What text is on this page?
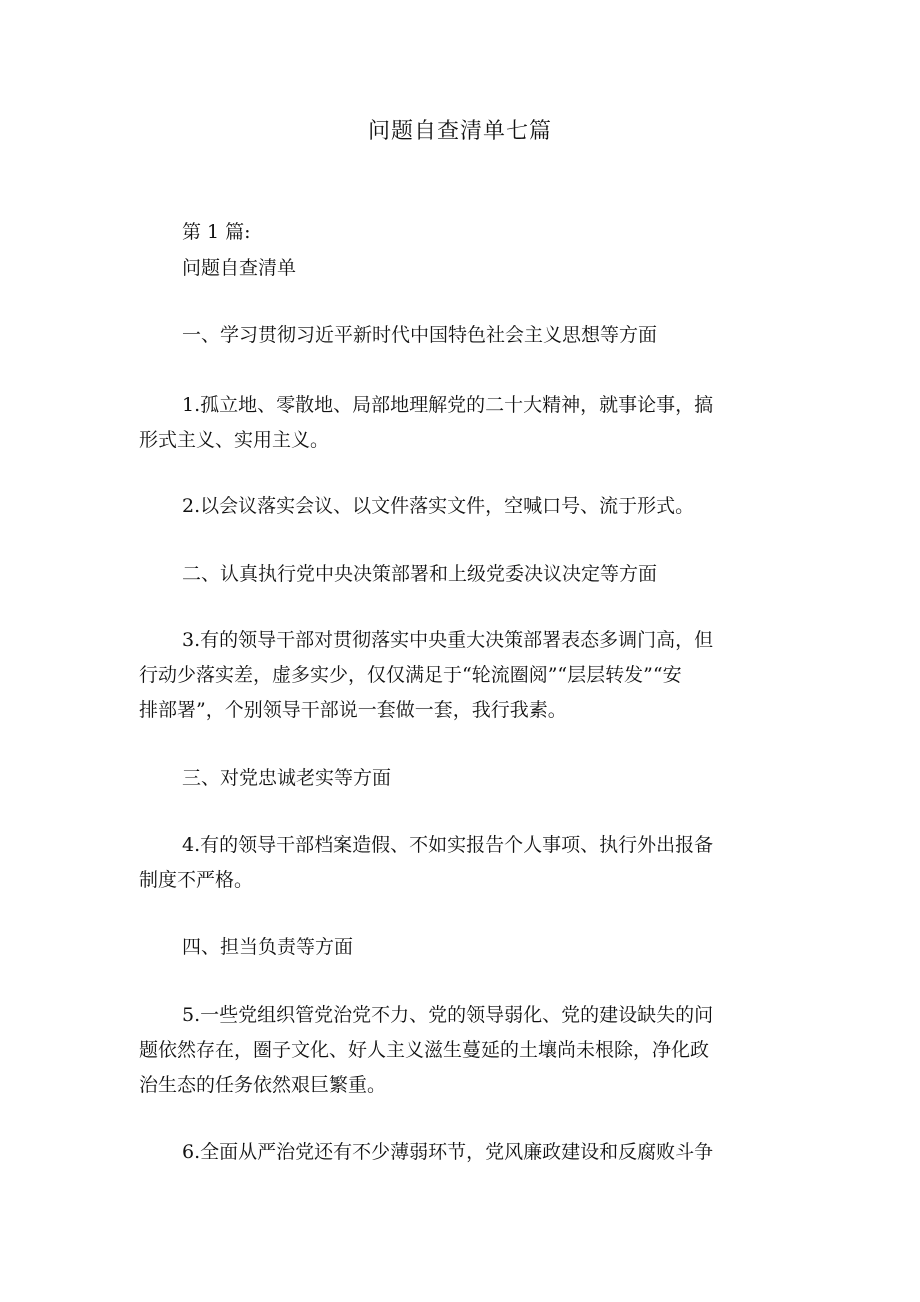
问题自查清单七篇
第 1 篇:
问题自查清单
一、学习贯彻习近平新时代中国特色社会主义思想等方面
1.孤立地、零散地、局部地理解党的二十大精神，就事论事，搞
形式主义、实用主义。
2.以会议落实会议、以文件落实文件，空喊口号、流于形式。
二、认真执行党中央决策部署和上级党委决议决定等方面
3.有的领导干部对贯彻落实中央重大决策部署表态多调门高，但
行动少落实差，虚多实少，仅仅满足于“轮流圈阅”“层层转发”“安
排部署”，个别领导干部说一套做一套，我行我素。
三、对党忠诚老实等方面
4.有的领导干部档案造假、不如实报告个人事项、执行外出报备
制度不严格。
四、担当负责等方面
5.一些党组织管党治党不力、党的领导弱化、党的建设缺失的问
题依然存在，圈子文化、好人主义滋生蔓延的土壤尚未根除，净化政
治生态的任务依然艰巨繁重。
6.全面从严治党还有不少薄弱环节，党风廉政建设和反腐败斗争
